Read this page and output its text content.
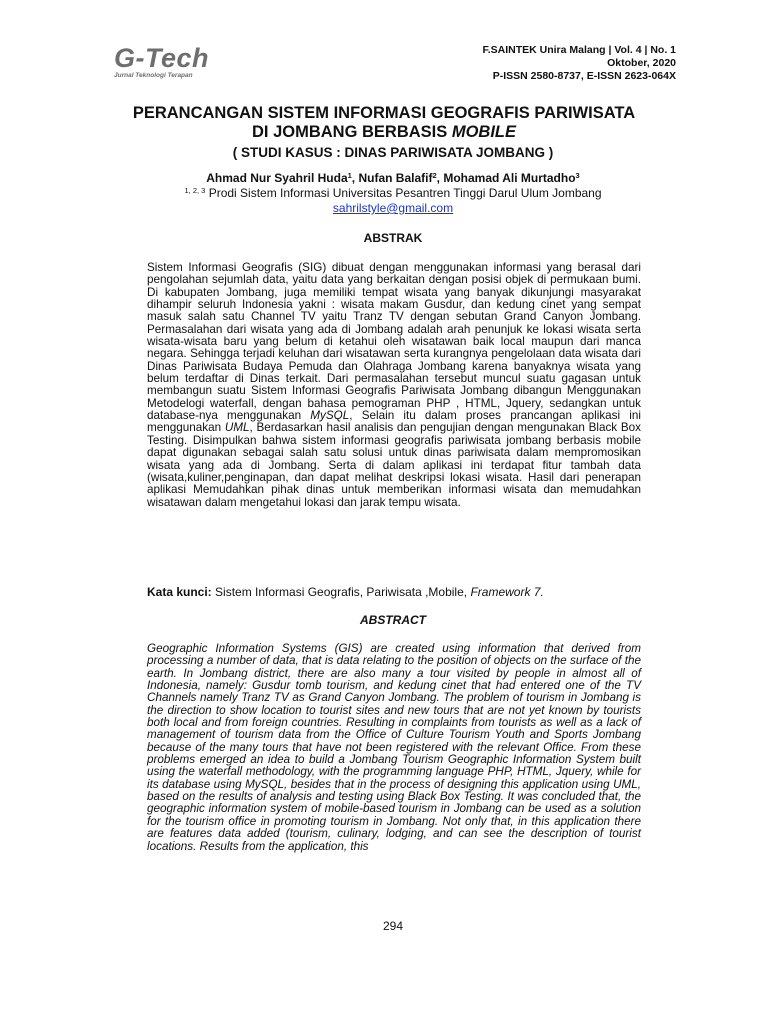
G-Tech
Jurnal Teknologi Terapan
F.SAINTEK Unira Malang | Vol. 4 | No. 1
Oktober, 2020
P-ISSN 2580-8737, E-ISSN 2623-064X
PERANCANGAN SISTEM INFORMASI GEOGRAFIS PARIWISATA
DI JOMBANG BERBASIS MOBILE
( STUDI KASUS : DINAS PARIWISATA JOMBANG )
Ahmad Nur Syahril Huda$^1$, Nufan Balafif$^2$, Mohamad Ali Murtadho$^3$
$^{1, 2, 3}$ Prodi Sistem Informasi Universitas Pesantren Tinggi Darul Ulum Jombang
sahrilstyle@gmail.com
ABSTRAK

Sistem Informasi Geografis (SIG) dibuat dengan menggunakan informasi yang berasal dari pengolahan sejumlah data, yaitu data yang berkaitan dengan posisi objek di permukaan bumi. Di kabupaten Jombang, juga memiliki tempat wisata yang banyak dikunjungi masyarakat dihampir seluruh Indonesia yakni : wisata makam Gusdur, dan kedung cinet yang sempat masuk salah satu Channel TV yaitu Tranz TV dengan sebutan Grand Canyon Jombang. Permasalahan dari wisata yang ada di Jombang adalah arah penunjuk ke lokasi wisata serta wisata-wisata baru yang belum di ketahui oleh wisatawan baik local maupun dari manca negara. Sehingga terjadi keluhan dari wisatawan serta kurangnya pengelolaan data wisata dari Dinas Pariwisata Budaya Pemuda dan Olahraga Jombang karena banyaknya wisata yang belum terdaftar di Dinas terkait. Dari permasalahan tersebut muncul suatu gagasan untuk membangun suatu Sistem Informasi Geografis Pariwisata Jombang dibangun Menggunakan Metodelogi waterfall, dengan bahasa pemograman PHP , HTML, Jquery, sedangkan untuk database-nya menggunakan MySQL, Selain itu dalam proses prancangan aplikasi ini menggunakan UML, Berdasarkan hasil analisis dan pengujian dengan mengunakan Black Box Testing. Disimpulkan bahwa sistem informasi geografis pariwisata jombang berbasis mobile dapat digunakan sebagai salah satu solusi untuk dinas pariwisata dalam mempromosikan wisata yang ada di Jombang. Serta di dalam aplikasi ini terdapat fitur tambah data (wisata,kuliner,penginapan, dan dapat melihat deskripsi lokasi wisata. Hasil dari penerapan aplikasi Memudahkan pihak dinas untuk memberikan informasi wisata dan memudahkan wisatawan dalam mengetahui lokasi dan jarak tempu wisata.

Kata kunci: Sistem Informasi Geografis, Pariwisata ,Mobile, Framework 7.
ABSTRACT

Geographic Information Systems (GIS) are created using information that derived from processing a number of data, that is data relating to the position of objects on the surface of the earth. In Jombang district, there are also many a tour visited by people in almost all of Indonesia, namely: Gusdur tomb tourism, and kedung cinet that had entered one of the TV Channels namely Tranz TV as Grand Canyon Jombang. The problem of tourism in Jombang is the direction to show location to tourist sites and new tours that are not yet known by tourists both local and from foreign countries. Resulting in complaints from tourists as well as a lack of management of tourism data from the Office of Culture Tourism Youth and Sports Jombang because of the many tours that have not been registered with the relevant Office. From these problems emerged an idea to build a Jombang Tourism Geographic Information System built using the waterfall methodology, with the programming language PHP, HTML, Jquery, while for its database using MySQL, besides that in the process of designing this application using UML, based on the results of analysis and testing using Black Box Testing. It was concluded that, the geographic information system of mobile-based tourism in Jombang can be used as a solution for the tourism office in promoting tourism in Jombang. Not only that, in this application there are features data added (tourism, culinary, lodging, and can see the description of tourist locations. Results from the application, this

294
